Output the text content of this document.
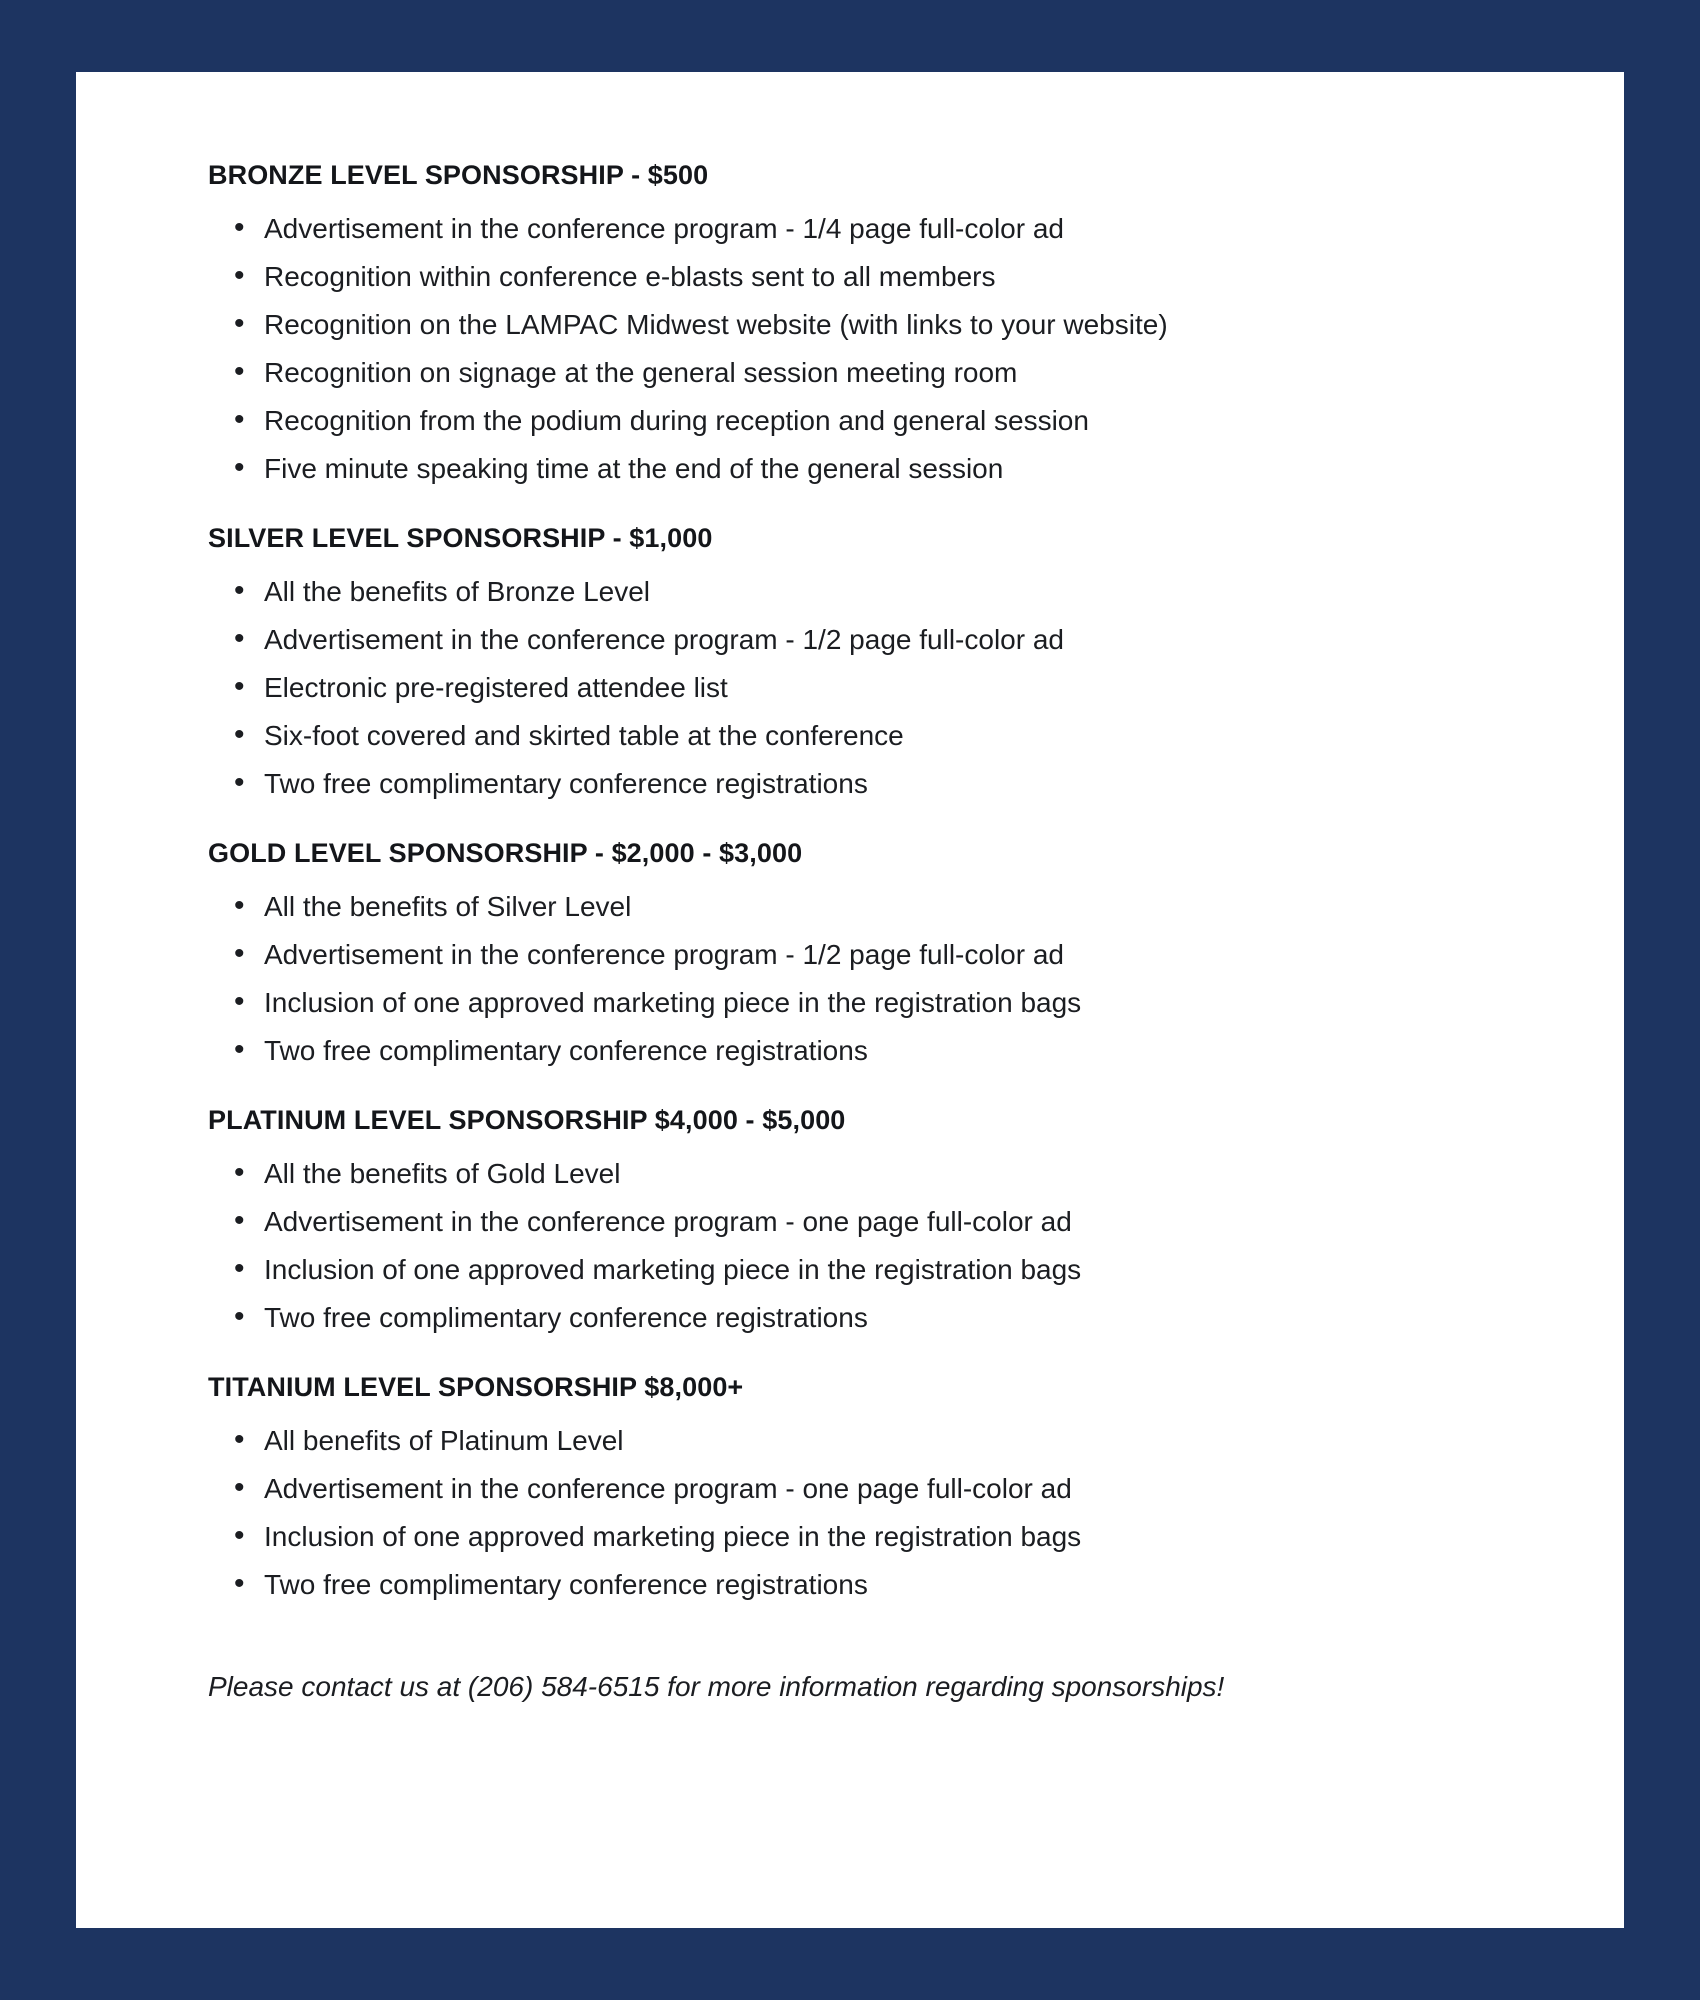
BRONZE LEVEL SPONSORSHIP - $500
• Advertisement in the conference program - 1/4 page full-color ad
• Recognition within conference e-blasts sent to all members
• Recognition on the LAMPAC Midwest website (with links to your website)
• Recognition on signage at the general session meeting room
• Recognition from the podium during reception and general session
• Five minute speaking time at the end of the general session
SILVER LEVEL SPONSORSHIP - $1,000
• All the benefits of Bronze Level
• Advertisement in the conference program - 1/2 page full-color ad
• Electronic pre-registered attendee list
• Six-foot covered and skirted table at the conference
• Two free complimentary conference registrations
GOLD LEVEL SPONSORSHIP - $2,000 - $3,000
• All the benefits of Silver Level
• Advertisement in the conference program - 1/2 page full-color ad
• Inclusion of one approved marketing piece in the registration bags
• Two free complimentary conference registrations
PLATINUM LEVEL SPONSORSHIP $4,000 - $5,000
• All the benefits of Gold Level
• Advertisement in the conference program - one page full-color ad
• Inclusion of one approved marketing piece in the registration bags
• Two free complimentary conference registrations
TITANIUM LEVEL SPONSORSHIP $8,000+
• All benefits of Platinum Level
• Advertisement in the conference program - one page full-color ad
• Inclusion of one approved marketing piece in the registration bags
• Two free complimentary conference registrations

Please contact us at (206) 584-6515 for more information regarding sponsorships!
